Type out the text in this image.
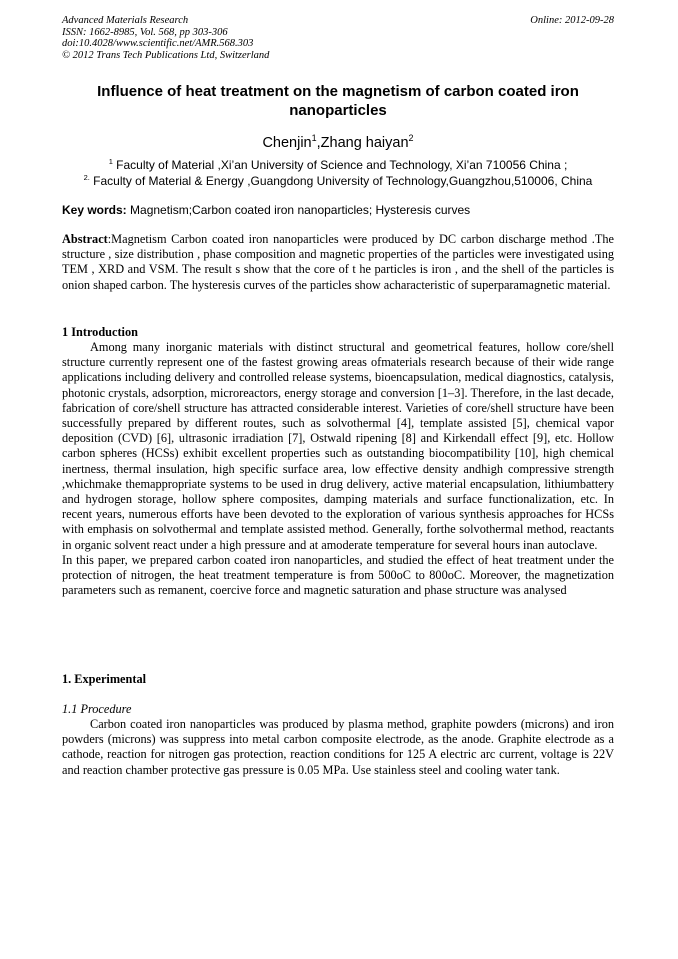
Advanced Materials Research
ISSN: 1662-8985, Vol. 568, pp 303-306
doi:10.4028/www.scientific.net/AMR.568.303
© 2012 Trans Tech Publications Ltd, Switzerland
Online: 2012-09-28
Influence of heat treatment on the magnetism of carbon coated iron nanoparticles
Chenjin$^1$,Zhang haiyan$^2$
$^1$ Faculty of Material ,Xi’an University of Science and Technology, Xi’an 710056 China ;
$^{2.}$ Faculty of Material & Energy ,Guangdong University of Technology,Guangzhou,510006, China
Key words: Magnetism;Carbon coated iron nanoparticles; Hysteresis curves
Abstract:Magnetism Carbon coated iron nanoparticles were produced by DC carbon discharge method .The structure , size distribution , phase composition and magnetic properties of the particles were investigated using TEM , XRD and VSM. The result s show that the core of t he particles is iron , and the shell of the particles is onion shaped carbon. The hysteresis curves of the particles show acharacteristic of superparamagnetic material.
1 Introduction

Among many inorganic materials with distinct structural and geometrical features, hollow core/shell structure currently represent one of the fastest growing areas ofmaterials research because of their wide range applications including delivery and controlled release systems, bioencapsulation, medical diagnostics, catalysis, photonic crystals, adsorption, microreactors, energy storage and conversion [1–3]. Therefore, in the last decade, fabrication of core/shell structure has attracted considerable interest. Varieties of core/shell structure have been successfully prepared by different routes, such as solvothermal [4], template assisted [5], chemical vapor deposition (CVD) [6], ultrasonic irradiation [7], Ostwald ripening [8] and Kirkendall effect [9], etc. Hollow carbon spheres (HCSs) exhibit excellent properties such as outstanding biocompatibility [10], high chemical inertness, thermal insulation, high specific surface area, low effective density andhigh compressive strength ,whichmake themappropriate systems to be used in drug delivery, active material encapsulation, lithiumbattery and hydrogen storage, hollow sphere composites, damping materials and surface functionalization, etc. In recent years, numerous efforts have been devoted to the exploration of various synthesis approaches for HCSs with emphasis on solvothermal and template assisted method. Generally, forthe solvothermal method, reactants in organic solvent react under a high pressure and at amoderate temperature for several hours inan autoclave.

In this paper, we prepared carbon coated iron nanoparticles, and studied the effect of heat treatment under the protection of nitrogen, the heat treatment temperature is from 500oC to 800oC. Moreover, the magnetization parameters such as remanent, coercive force and magnetic saturation and phase structure was analysed

1. Experimental
1.1 Procedure

Carbon coated iron nanoparticles was produced by plasma method, graphite powders (microns) and iron powders (microns) was suppress into metal carbon composite electrode, as the anode. Graphite electrode as a cathode, reaction for nitrogen gas protection, reaction conditions for 125 A electric arc current, voltage is 22V and reaction chamber protective gas pressure is 0.05 MPa. Use stainless steel and cooling water tank.
